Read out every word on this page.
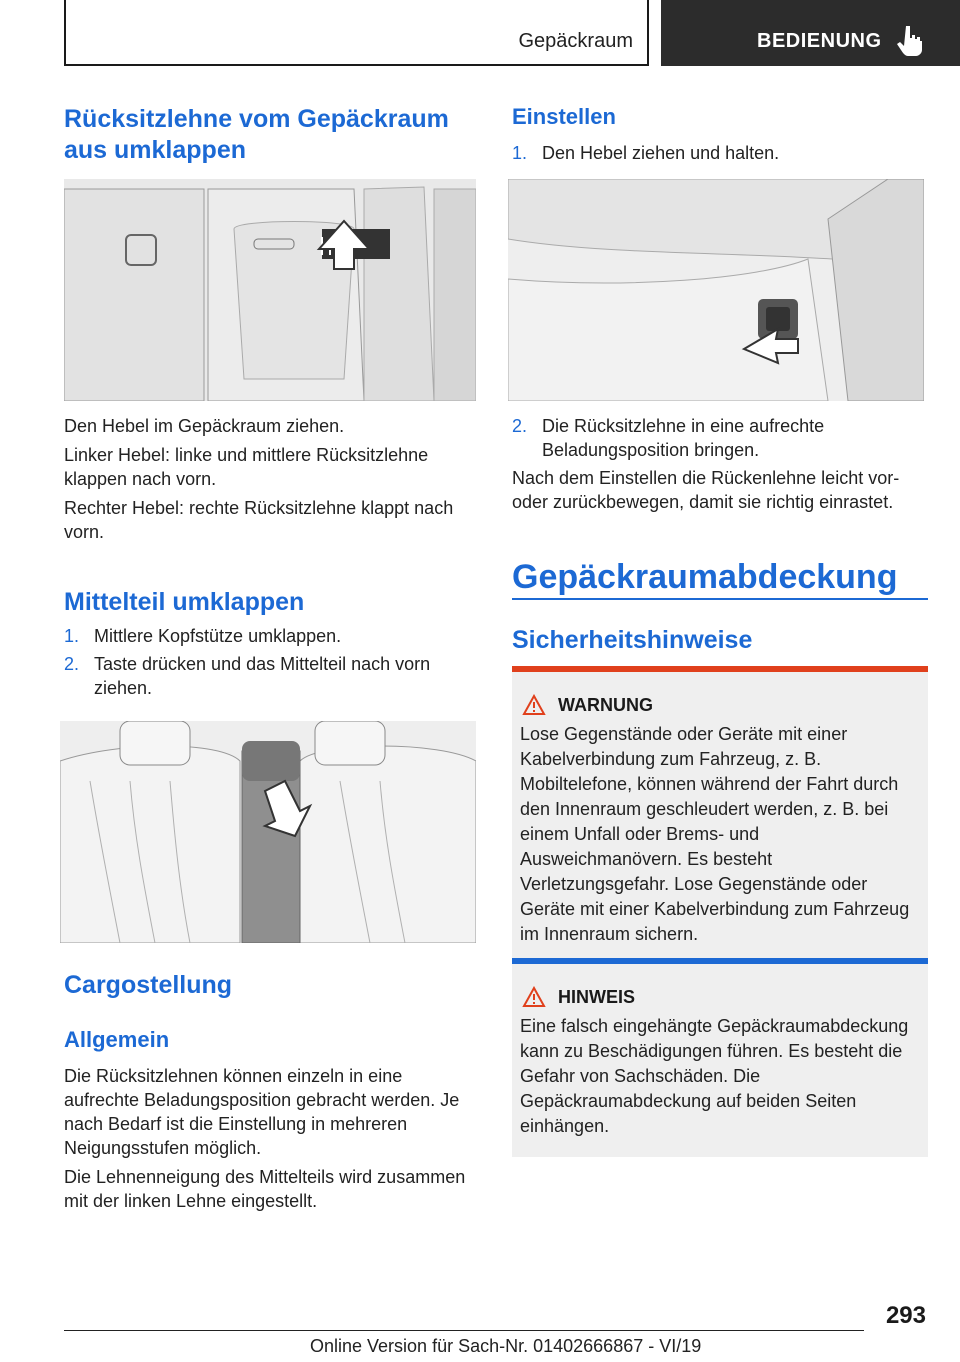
Gepäckraum	BEDIENUNG
Rücksitzlehne vom Gepäckraum aus umklappen

Den Hebel im Gepäckraum ziehen.

Linker Hebel: linke und mittlere Rücksitzlehne klappen nach vorn.

Rechter Hebel: rechte Rücksitzlehne klappt nach vorn.

Mittelteil umklappen
1. Mittlere Kopfstütze umklappen.
2. Taste drücken und das Mittelteil nach vorn ziehen.
Cargostellung
Allgemein

Die Rücksitzlehnen können einzeln in eine aufrechte Beladungsposition gebracht werden. Je nach Bedarf ist die Einstellung in mehreren Neigungsstufen möglich.

Die Lehnenneigung des Mittelteils wird zusammen mit der linken Lehne eingestellt.

Einstellen
1. Den Hebel ziehen und halten.
2. Die Rücksitzlehne in eine aufrechte Beladungsposition bringen.

Nach dem Einstellen die Rückenlehne leicht vor- oder zurückbewegen, damit sie richtig einrastet.

Gepäckraumabdeckung
Sicherheitshinweise
WARNUNG
Lose Gegenstände oder Geräte mit einer Kabelverbindung zum Fahrzeug, z. B. Mobiltelefone, können während der Fahrt durch den Innenraum geschleudert werden, z. B. bei einem Unfall oder Brems- und Ausweichmanövern. Es besteht Verletzungsgefahr. Lose Gegenstände oder Geräte mit einer Kabelverbindung zum Fahrzeug im Innenraum sichern.
HINWEIS
Eine falsch eingehängte Gepäckraumabdeckung kann zu Beschädigungen führen. Es besteht die Gefahr von Sachschäden. Die Gepäckraumabdeckung auf beiden Seiten einhängen.
293
Online Version für Sach-Nr. 01402666867 - VI/19
